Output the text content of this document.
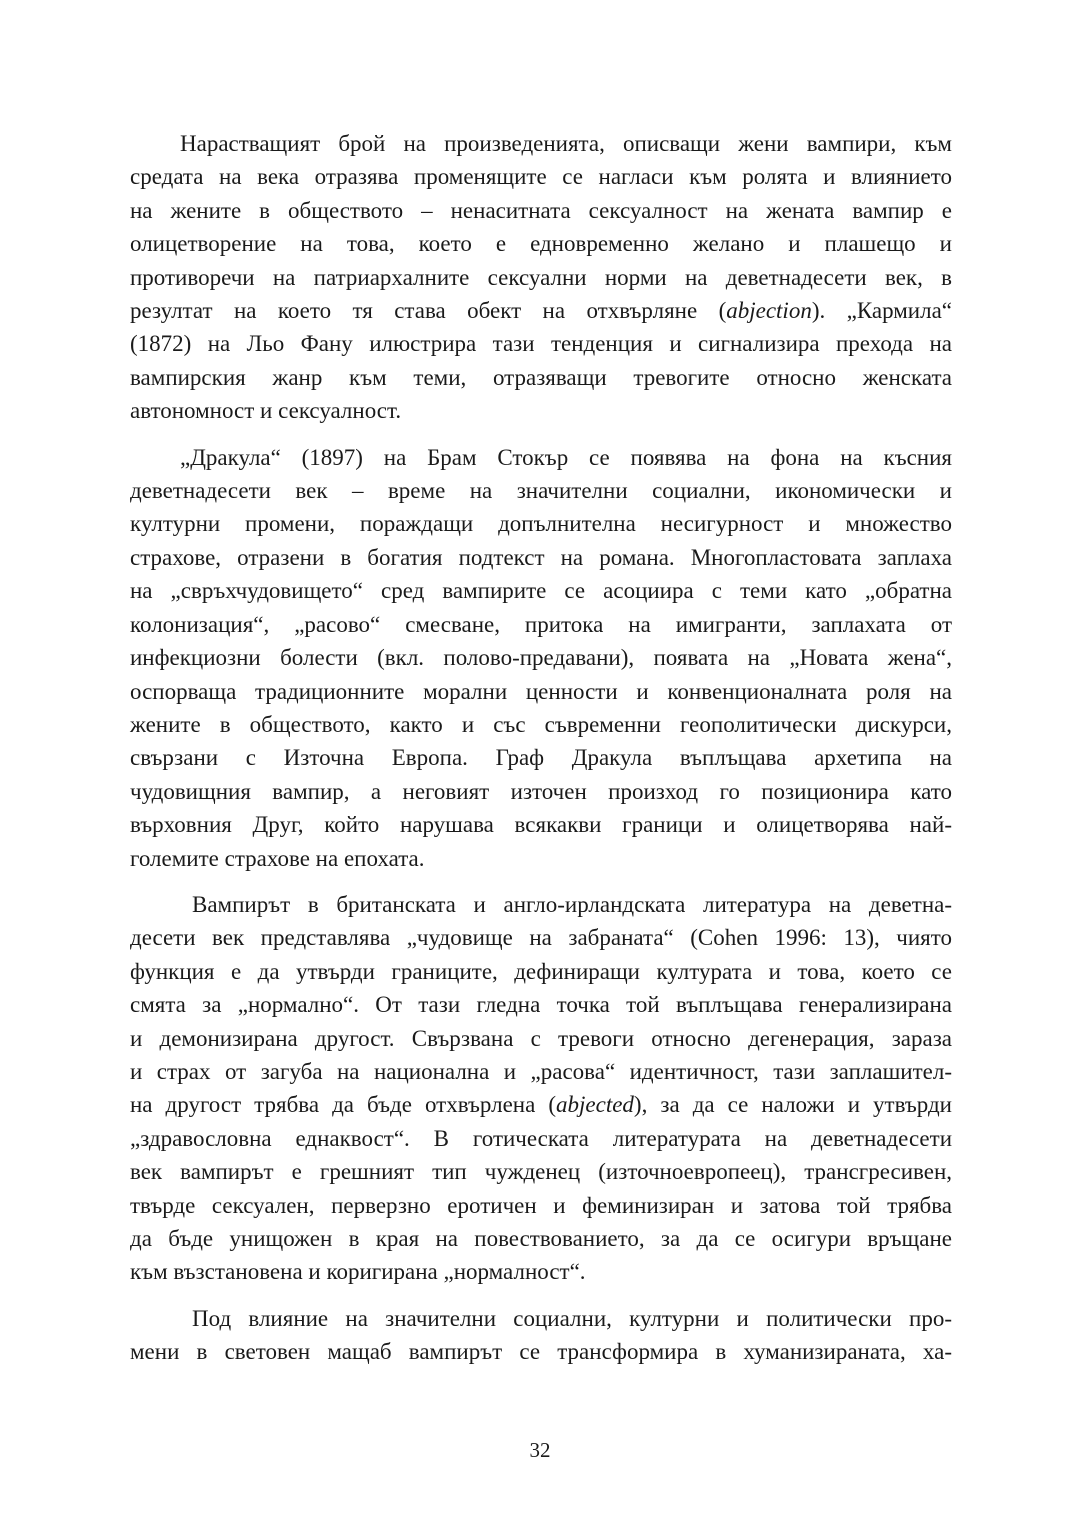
Нарастващият брой на произведенията, описващи жени вампири, към
средата на века отразява променящите се нагласи към ролята и влиянието
на жените в обществото – ненаситната сексуалност на жената вампир е
олицетворение на това, което е едновременно желано и плашещо и
противоречи на патриархалните сексуални норми на деветнадесети век, в
резултат на което тя става обект на отхвърляне (abjection). „Кармила“
(1872) на Льо Фану илюстрира тази тенденция и сигнализира прехода на
вампирския жанр към теми, отразяващи тревогите относно женската
автономност и сексуалност.
„Дракула“ (1897) на Брам Стокър се появява на фона на късния
деветнадесети век – време на значителни социални, икономически и
културни промени, пораждащи допълнителна несигурност и множество
страхове, отразени в богатия подтекст на романа. Многопластовата заплаха
на „свръхчудовището“ сред вампирите се асоциира с теми като „обратна
колонизация“, „расово“ смесване, притока на имигранти, заплахата от
инфекциозни болести (вкл. полово-предавани), появата на „Новата жена“,
оспорваща традиционните морални ценности и конвенционалната роля на
жените в обществото, както и със съвременни геополитически дискурси,
свързани с Източна Европа. Граф Дракула въплъщава архетипа на
чудовищния вампир, а неговият източен произход го позиционира като
върховния Друг, който нарушава всякакви граници и олицетворява най-
големите страхове на епохата.
Вампирът в британската и англо-ирландската литература на деветна-
десети век представлява „чудовище на забраната“ (Cohen 1996: 13), чиято
функция е да утвърди границите, дефиниращи културата и това, което се
смята за „нормално“. От тази гледна точка той въплъщава генерализирана
и демонизирана другост. Свързвана с тревоги относно дегенерация, зараза
и страх от загуба на национална и „расова“ идентичност, тази заплашител-
на другост трябва да бъде отхвърлена (abjected), за да се наложи и утвърди
„здравословна еднаквост“. В готическата литературата на деветнадесети
век вампирът е грешният тип чужденец (източноевропеец), трансгресивен,
твърде сексуален, перверзно еротичен и феминизиран и затова той трябва
да бъде унищожен в края на повествованието, за да се осигури връщане
към възстановена и коригирана „нормалност“.
Под влияние на значителни социални, културни и политически про-
мени в световен мащаб вампирът се трансформира в хуманизираната, ха-
32
